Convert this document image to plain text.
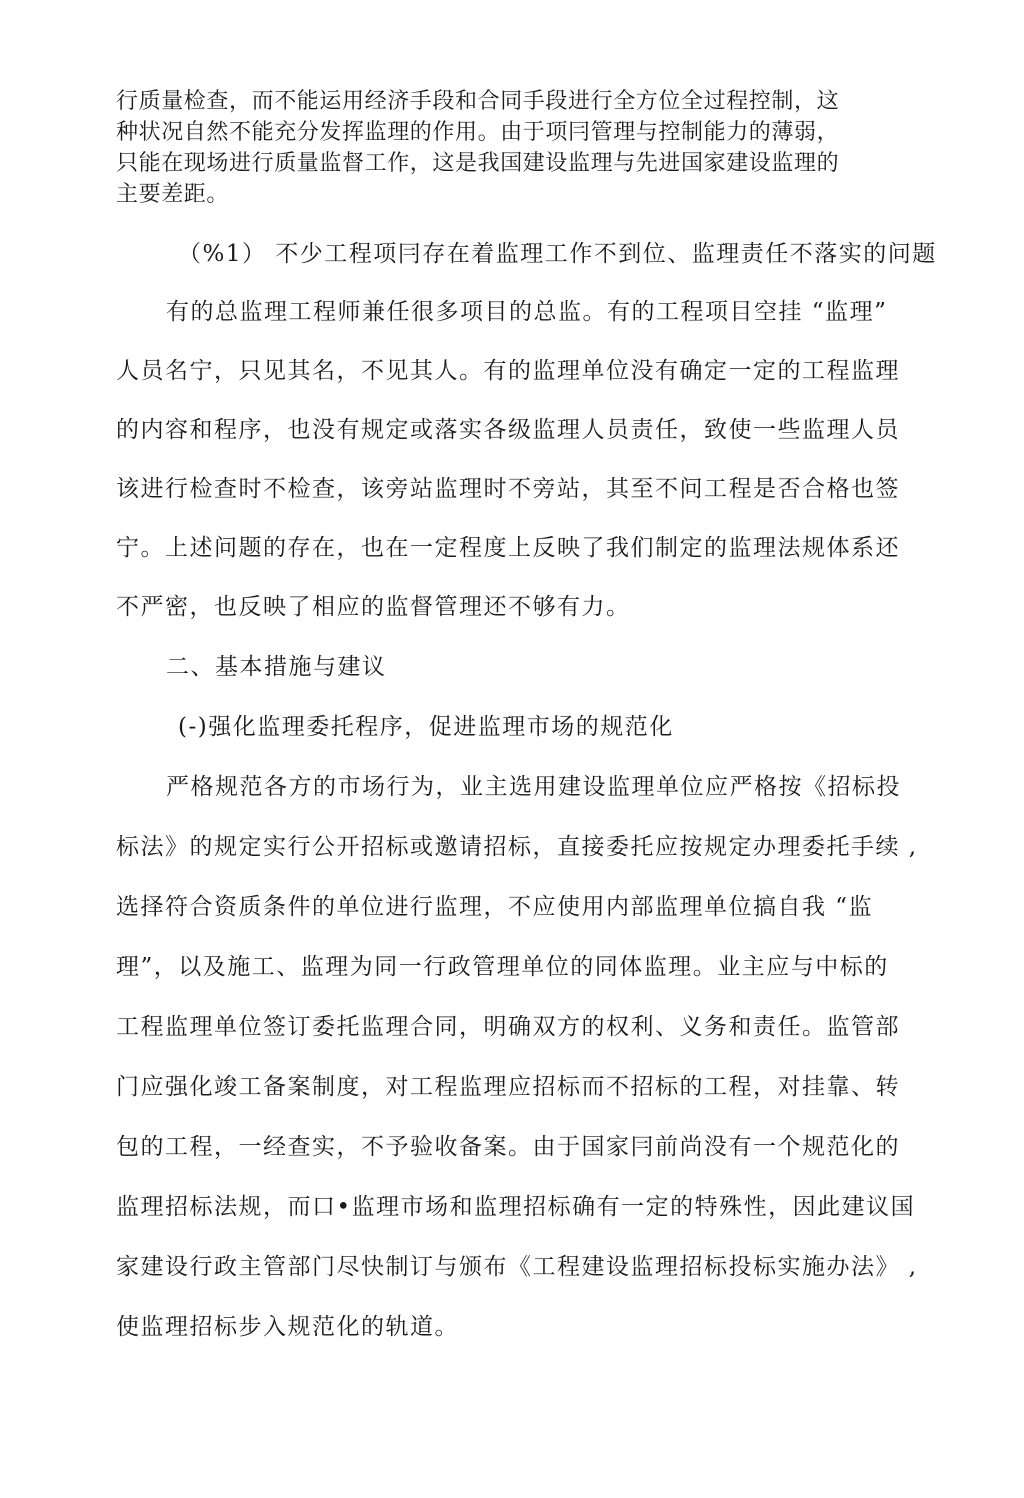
行质量检查，而不能运用经济手段和合同手段进行全方位全过程控制，这
种状况自然不能充分发挥监理的作用。由于项冃管理与控制能力的薄弱，
只能在现场进行质量监督工作，这是我国建设监理与先进国家建设监理的
主要差距。
（%1） 不少工程项冃存在着监理工作不到位、监理责任不落实的问题
有的总监理工程师兼任很多项目的总监。有的工程项目空挂 “监理”
人员名宁，只见其名，不见其人。有的监理单位没有确定一定的工程监理
的内容和程序，也没有规定或落实各级监理人员责任，致使一些监理人员
该进行检查时不检查，该旁站监理时不旁站，其至不问工程是否合格也签
宁。上述问题的存在，也在一定程度上反映了我们制定的监理法规体系还
不严密，也反映了相应的监督管理还不够有力。
二、基本措施与建议
(-)强化监理委托程序，促进监理市场的规范化
严格规范各方的市场行为，业主选用建设监理单位应严格按《招标投
标法》的规定实行公开招标或邀请招标，直接委托应按规定办理委托手续 ,
选择符合资质条件的单位进行监理，不应使用内部监理单位搞自我 “监
理”，以及施工、监理为同一行政管理单位的同体监理。业主应与中标的
工程监理单位签订委托监理合同，明确双方的权利、义务和责任。监管部
门应强化竣工备案制度，对工程监理应招标而不招标的工程，对挂靠、转
包的工程，一经查实，不予验收备案。由于国家冃前尚没有一个规范化的
监理招标法规，而口•监理市场和监理招标确有一定的特殊性，因此建议国
家建设行政主管部门尽快制订与颁布《工程建设监理招标投标实施办法》 ,
使监理招标步入规范化的轨道。
